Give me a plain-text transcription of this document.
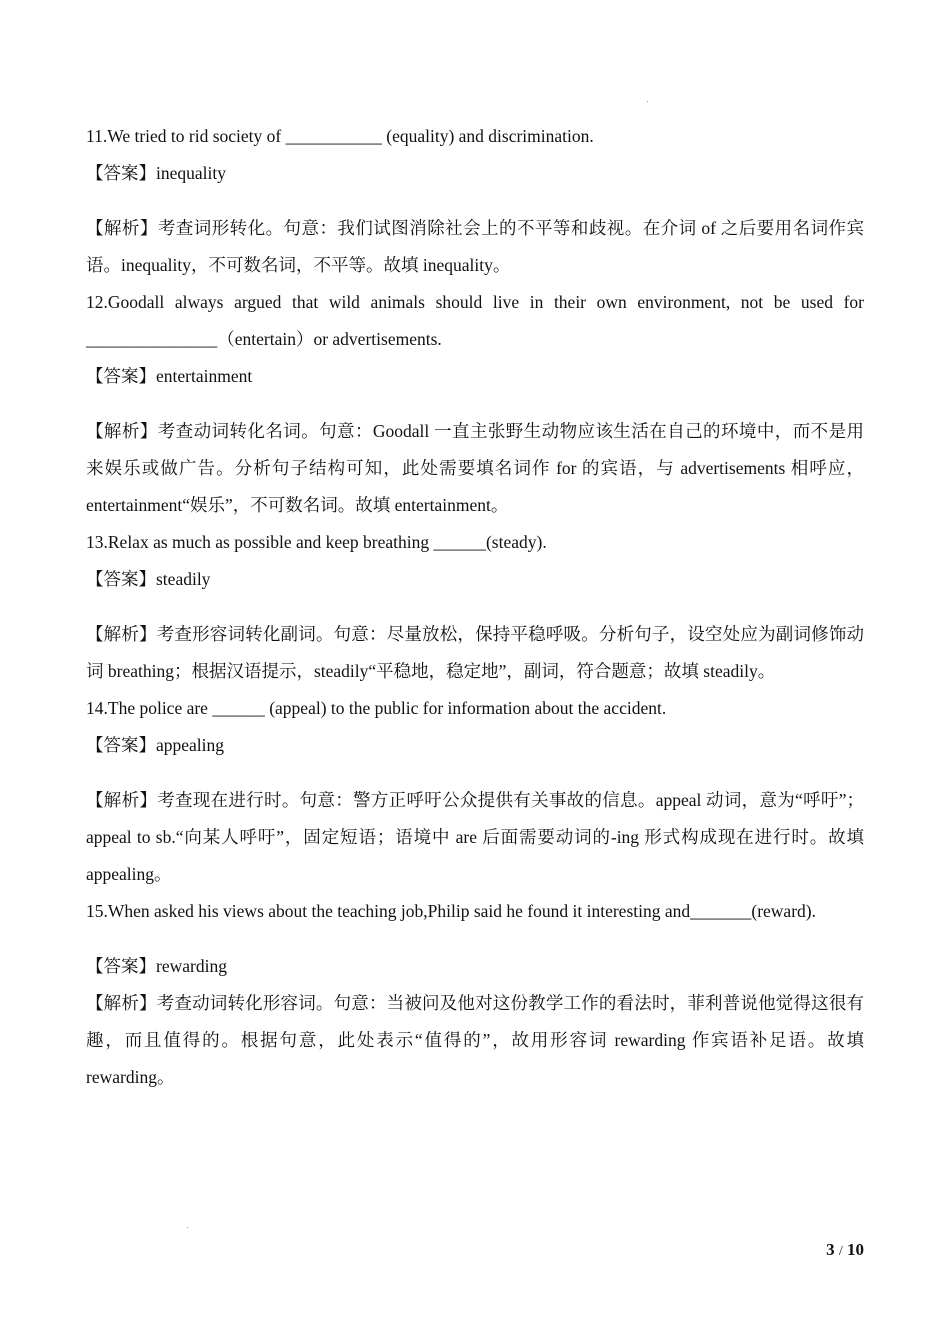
11.We tried to rid society of ___________ (equality) and discrimination.
【答案】inequality
【解析】考查词形转化。句意：我们试图消除社会上的不平等和歧视。在介词 of 之后要用名词作宾语。inequality，不可数名词，不平等。故填 inequality。
12.Goodall always argued that wild animals should live in their own environment, not be used for _______________（entertain）or advertisements.
【答案】entertainment
【解析】考查动词转化名词。句意：Goodall 一直主张野生动物应该生活在自己的环境中，而不是用来娱乐或做广告。分析句子结构可知，此处需要填名词作 for 的宾语，与 advertisements 相呼应，entertainment“娱乐”，不可数名词。故填 entertainment。
13.Relax as much as possible and keep breathing ______(steady).
【答案】steadily
【解析】考查形容词转化副词。句意：尽量放松，保持平稳呼吸。分析句子，设空处应为副词修饰动词 breathing；根据汉语提示，steadily“平稳地，稳定地”，副词，符合题意；故填 steadily。
14.The police are ______ (appeal) to the public for information about the accident.
【答案】appealing
【解析】考查现在进行时。句意：警方正呼吁公众提供有关事故的信息。appeal 动词，意为“呼吁”；appeal to sb.“向某人呼吁”，固定短语；语境中 are 后面需要动词的-ing 形式构成现在进行时。故填 appealing。
15.When asked his views about the teaching job,Philip said he found it interesting and_______(reward).
【答案】rewarding
【解析】考查动词转化形容词。句意：当被问及他对这份教学工作的看法时，菲利普说他觉得这很有趣，而且值得的。根据句意，此处表示“值得的”，故用形容词 rewarding 作宾语补足语。故填 rewarding。
3 / 10
